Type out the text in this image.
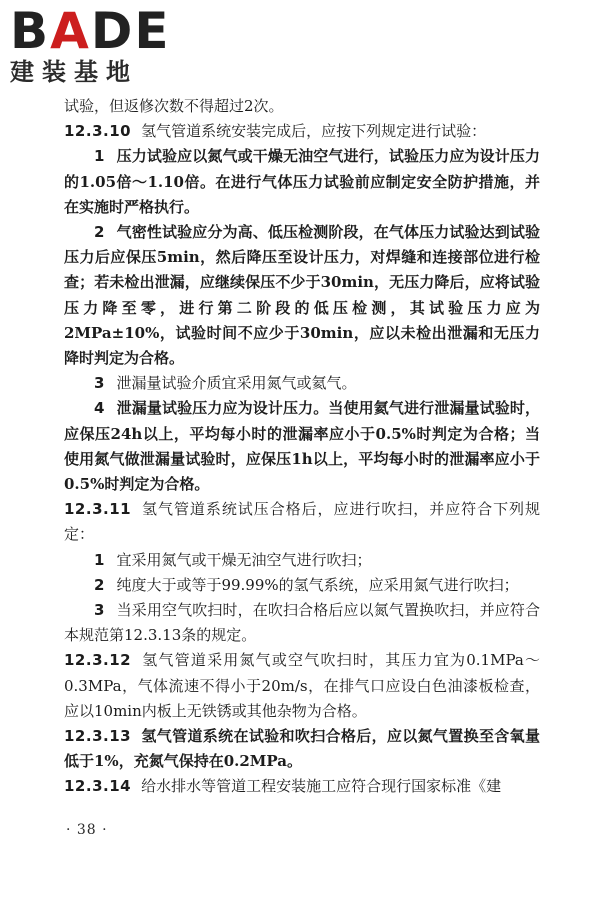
BADE
建装基地

试验，但返修次数不得超过2次。

12.3.10 氢气管道系统安装完成后，应按下列规定进行试验：

1 压力试验应以氮气或干燥无油空气进行，试验压力应为设计压力的1.05倍～1.10倍。在进行气体压力试验前应制定安全防护措施，并在实施时严格执行。

2 气密性试验应分为高、低压检测阶段，在气体压力试验达到试验压力后应保压5min，然后降压至设计压力，对焊缝和连接部位进行检查；若未检出泄漏，应继续保压不少于30min，无压力降后，应将试验压力降至零，进行第二阶段的低压检测，其试验压力应为2MPa±10%，试验时间不应少于30min，应以未检出泄漏和无压力降时判定为合格。

3 泄漏量试验介质宜采用氮气或氦气。

4 泄漏量试验压力应为设计压力。当使用氦气进行泄漏量试验时，应保压24h以上，平均每小时的泄漏率应小于0.5%时判定为合格；当使用氮气做泄漏量试验时，应保压1h以上，平均每小时的泄漏率应小于0.5%时判定为合格。

12.3.11 氢气管道系统试压合格后，应进行吹扫，并应符合下列规定：

1 宜采用氮气或干燥无油空气进行吹扫；

2 纯度大于或等于99.99%的氢气系统，应采用氮气进行吹扫；

3 当采用空气吹扫时，在吹扫合格后应以氮气置换吹扫，并应符合本规范第12.3.13条的规定。

12.3.12 氢气管道采用氮气或空气吹扫时，其压力宜为0.1MPa～0.3MPa，气体流速不得小于20m/s，在排气口应设白色油漆板检查，应以10min内板上无铁锈或其他杂物为合格。

12.3.13 氢气管道系统在试验和吹扫合格后，应以氮气置换至含氧量低于1%，充氮气保持在0.2MPa。

12.3.14 给水排水等管道工程安装施工应符合现行国家标准《建

· 38 ·
